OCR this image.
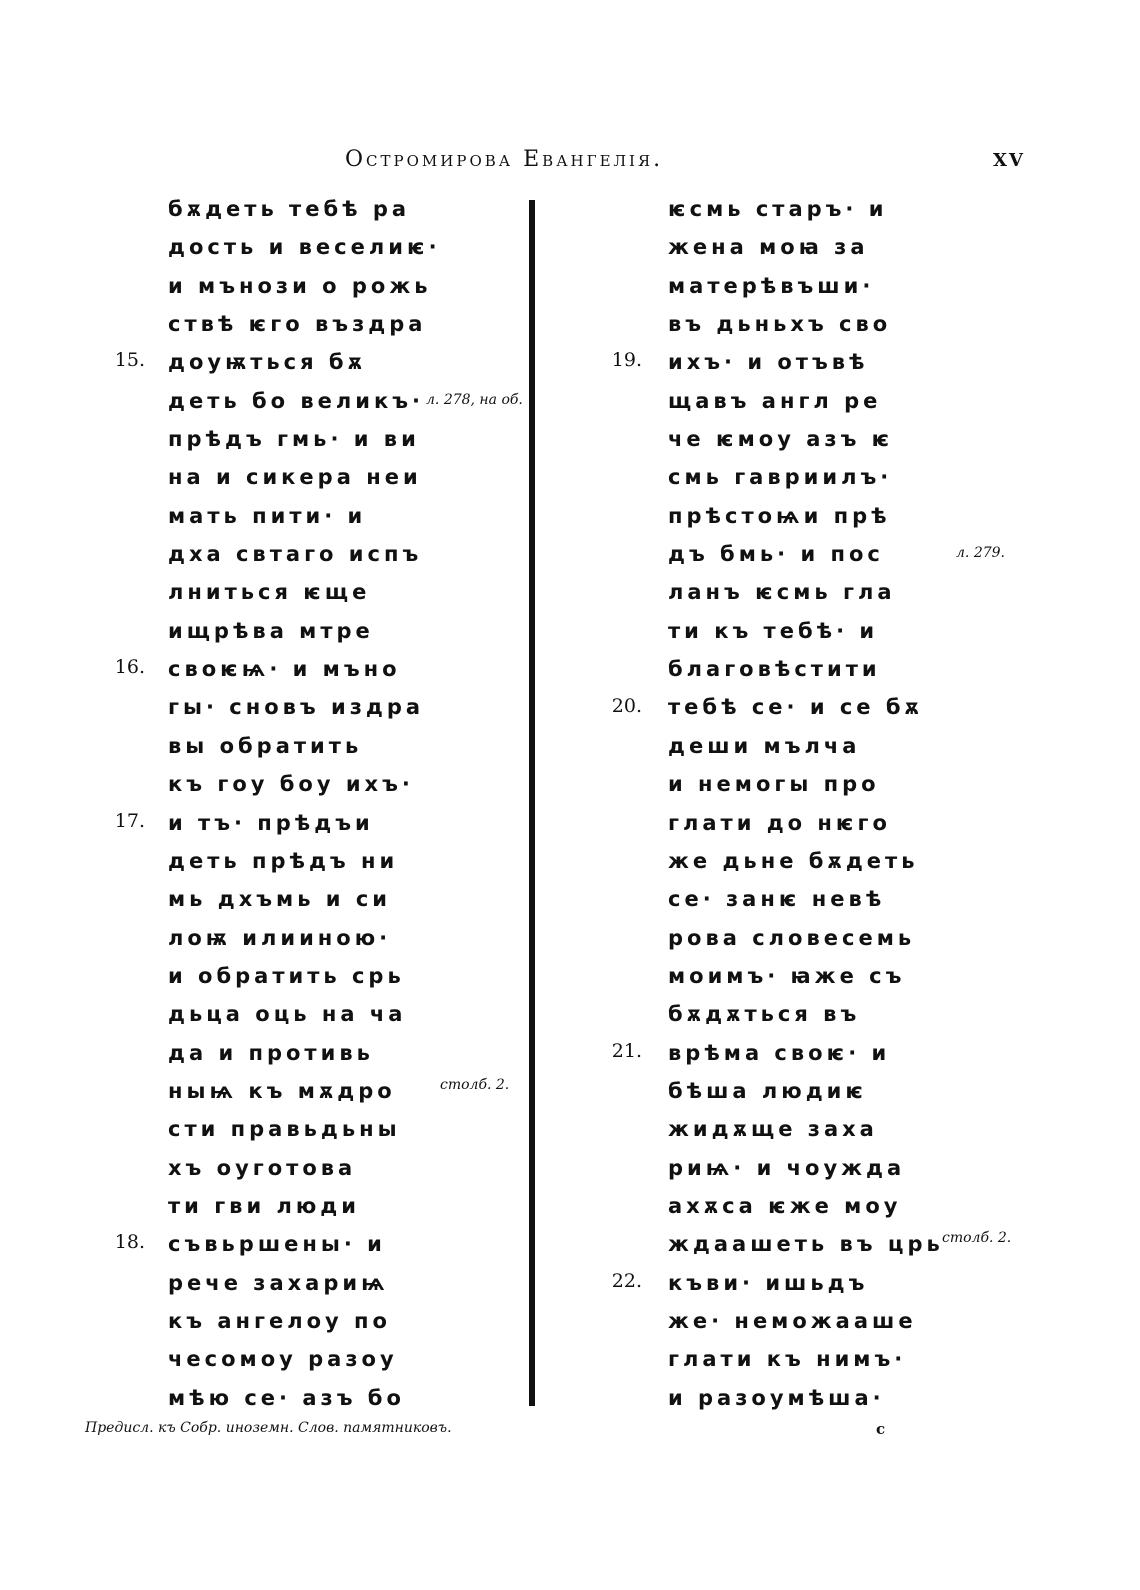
Остромирова Евангелія.	XV
бѫдеть тебѣ ра
дость и веселиѥ·
и мънози о рожь
ствѣ ѥго въздра
доуѭться бѫ
деть бо великъ·
прѣдъ гмь· и ви
на и сикера неи
мать пити· и
дха свтаго испъ
лниться ѥще
ищрѣва мтре
своѥѩ· и мъно
гы· снoвъ издра
вы обратить
къ гоу боу ихъ·
и тъ· прѣдъи
деть прѣдъ ни
мь дхъмь и си
лоѭ илииною·
и обратить срь
дьца оць на ча
да и противь
ныѩ къ мѫдро
сти правьдьны
хъ оуготова
ти гви люди
съвьршены· и
рече захариѩ
къ ангелоу по
чесомоу разоу
мѣю се· азъ бо
ѥсмь старъ· и
жена моꙗ за
матерѣвъши·
въ дьньхъ сво
ихъ· и отъвѣ
щавъ англ ре
че ѥмоу азъ ѥ
смь гавриилъ·
прѣстоѩи прѣ
дъ бмь· и пос
ланъ ѥсмь гла
ти къ тебѣ· и
благовѣстити
тебѣ се· и се бѫ
деши мълча
и немогы про
глати до нѥго
же дьне бѫдеть
се· занѥ невѣ
рова словесемь
моимъ· ꙗже съ
бѫдѫться въ
врѣма своѥ· и
бѣша людиѥ
жидѫще заха
риѩ· и чоужда
ахѫса ѥже моу
ждаашеть въ црь
къви· ишьдъ
же· неможааше
глати къ нимъ·
и разоумѣша·
15.
16.
17.
18.
19.
20.
21.
22.
л. 278, на об.
столб. 2.
л. 279.
столб. 2.
Предисл. къ Собр. иноземн. Слов. памятниковъ.	c
